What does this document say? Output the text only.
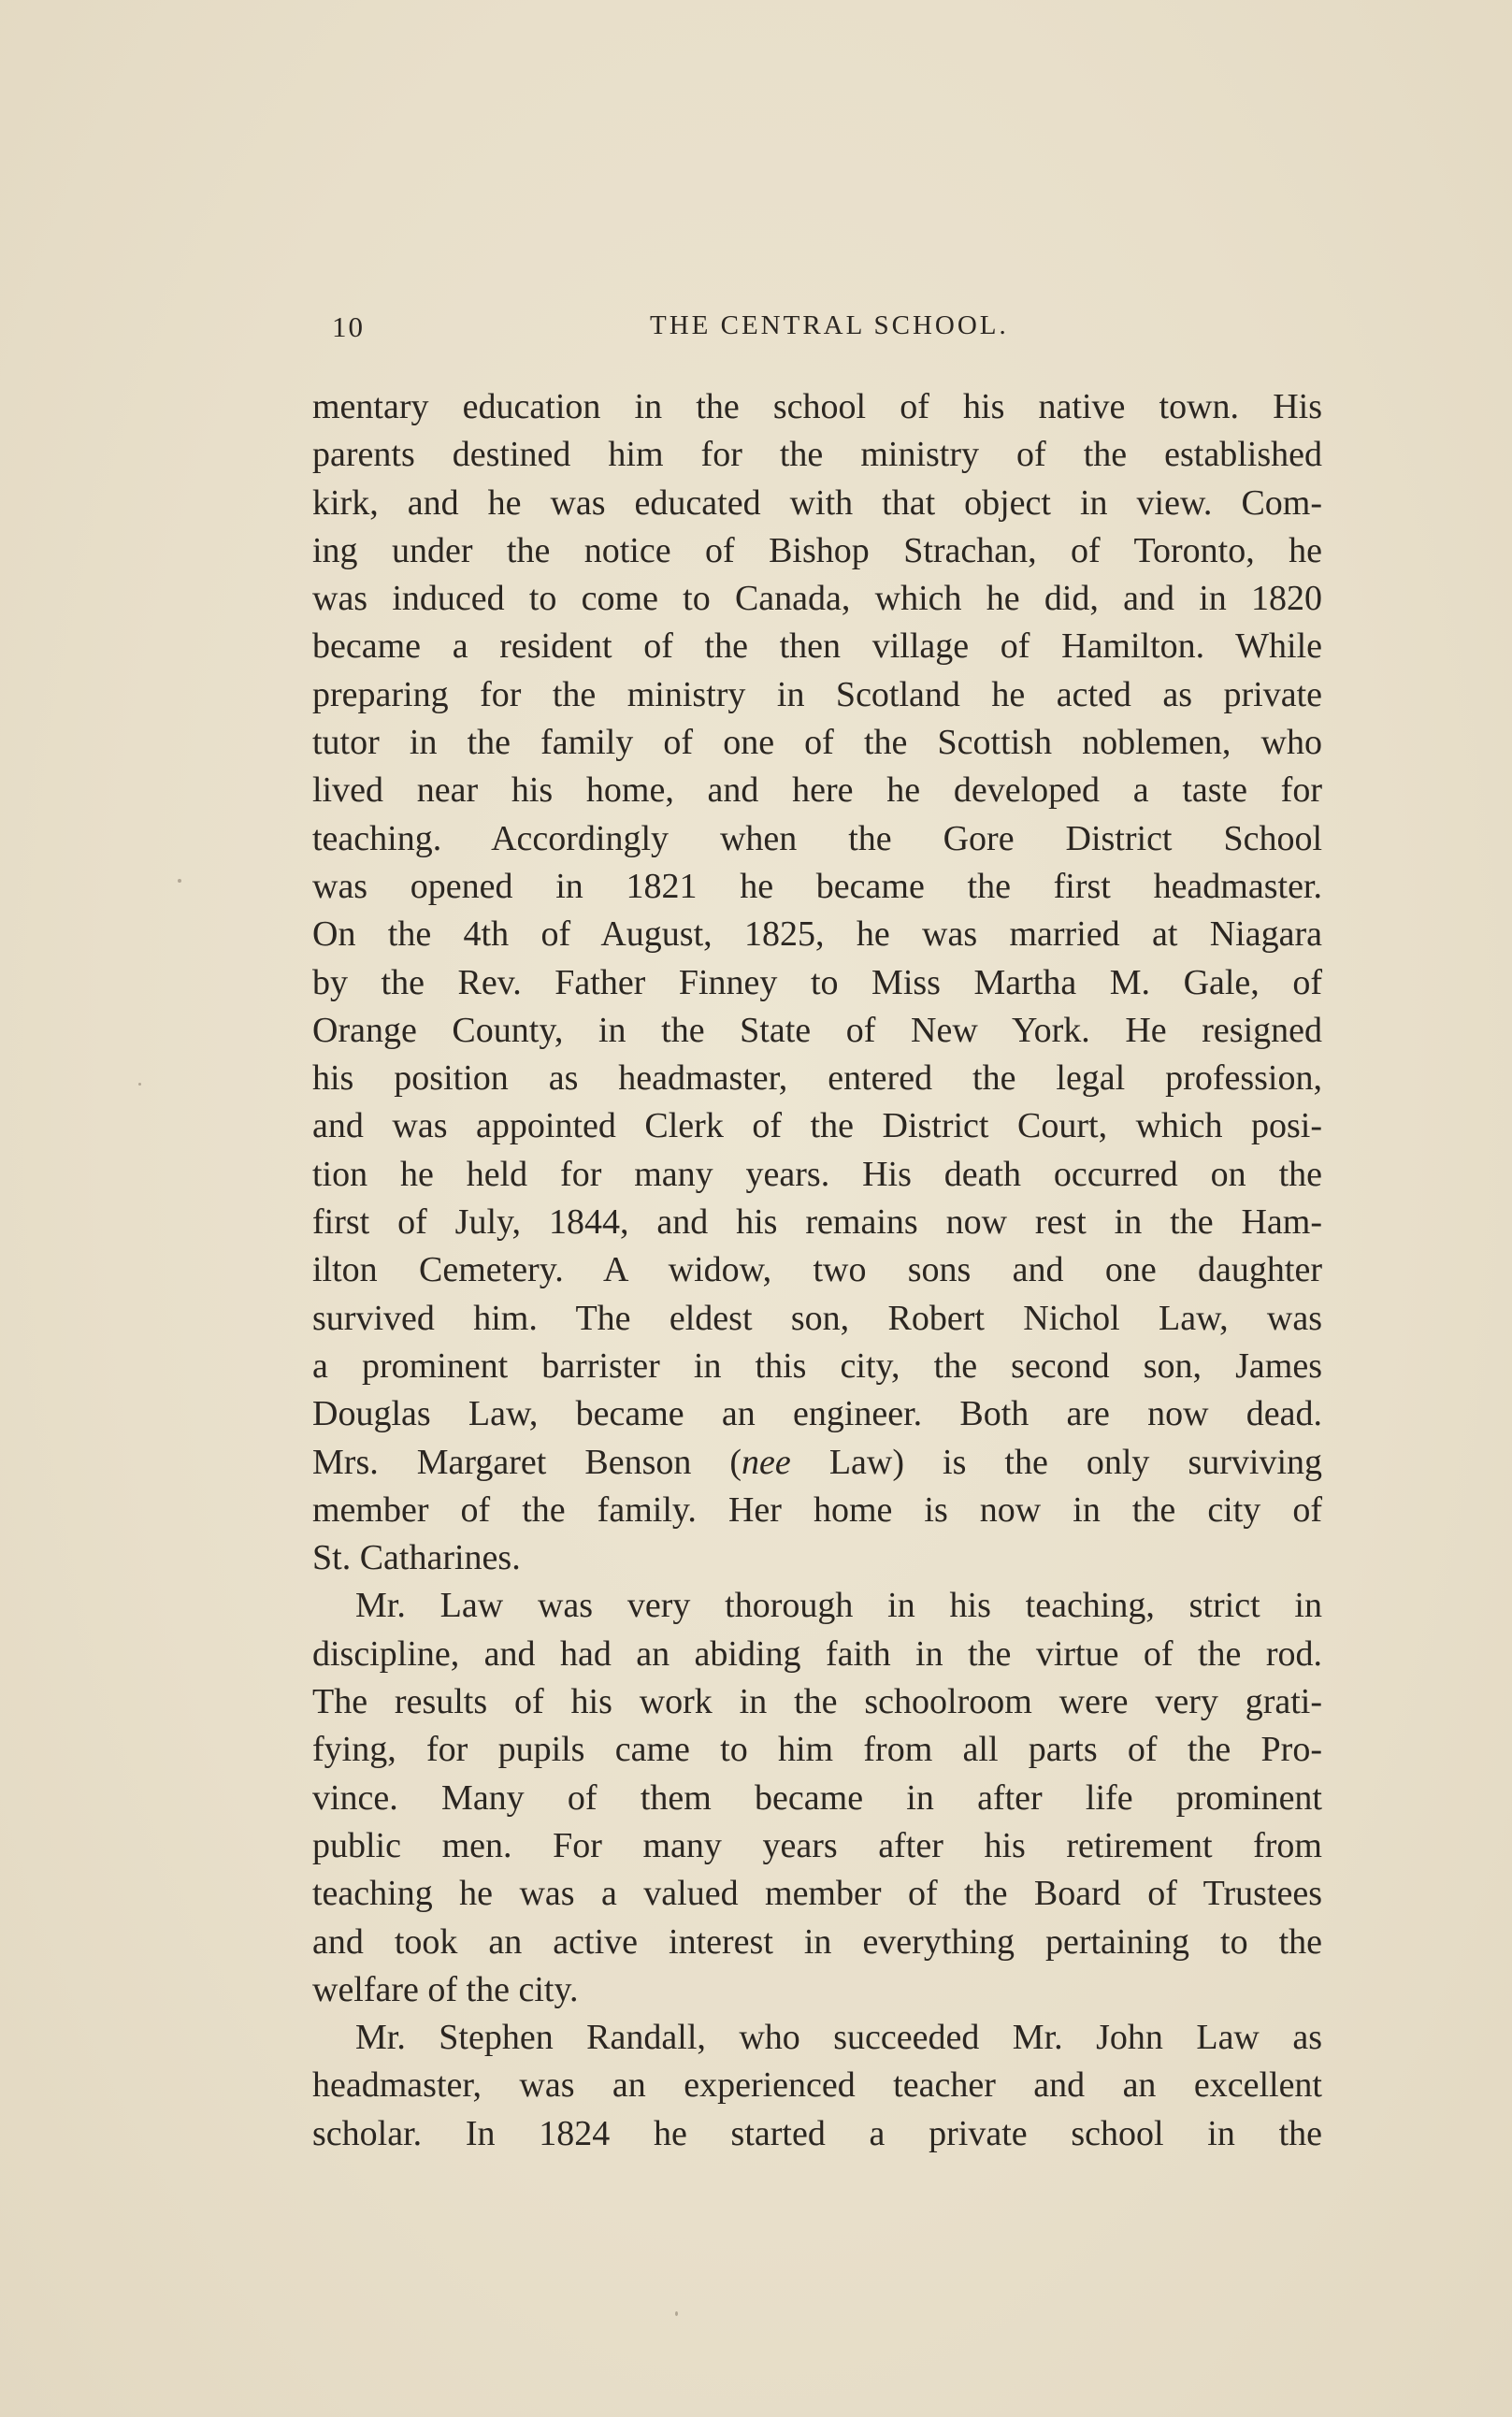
10	THE CENTRAL SCHOOL.
mentary education in the school of his native town. His
parents destined him for the ministry of the established
kirk, and he was educated with that object in view. Com-
ing under the notice of Bishop Strachan, of Toronto, he
was induced to come to Canada, which he did, and in 1820
became a resident of the then village of Hamilton. While
preparing for the ministry in Scotland he acted as private
tutor in the family of one of the Scottish noblemen, who
lived near his home, and here he developed a taste for
teaching. Accordingly when the Gore District School
was opened in 1821 he became the first headmaster.
On the 4th of August, 1825, he was married at Niagara
by the Rev. Father Finney to Miss Martha M. Gale, of
Orange County, in the State of New York. He resigned
his position as headmaster, entered the legal profession,
and was appointed Clerk of the District Court, which posi-
tion he held for many years. His death occurred on the
first of July, 1844, and his remains now rest in the Ham-
ilton Cemetery. A widow, two sons and one daughter
survived him. The eldest son, Robert Nichol Law, was
a prominent barrister in this city, the second son, James
Douglas Law, became an engineer. Both are now dead.
Mrs. Margaret Benson (nee Law) is the only surviving
member of the family. Her home is now in the city of
St. Catharines.
Mr. Law was very thorough in his teaching, strict in
discipline, and had an abiding faith in the virtue of the rod.
The results of his work in the schoolroom were very grati-
fying, for pupils came to him from all parts of the Pro-
vince. Many of them became in after life prominent
public men. For many years after his retirement from
teaching he was a valued member of the Board of Trustees
and took an active interest in everything pertaining to the
welfare of the city.
Mr. Stephen Randall, who succeeded Mr. John Law as
headmaster, was an experienced teacher and an excellent
scholar. In 1824 he started a private school in the
